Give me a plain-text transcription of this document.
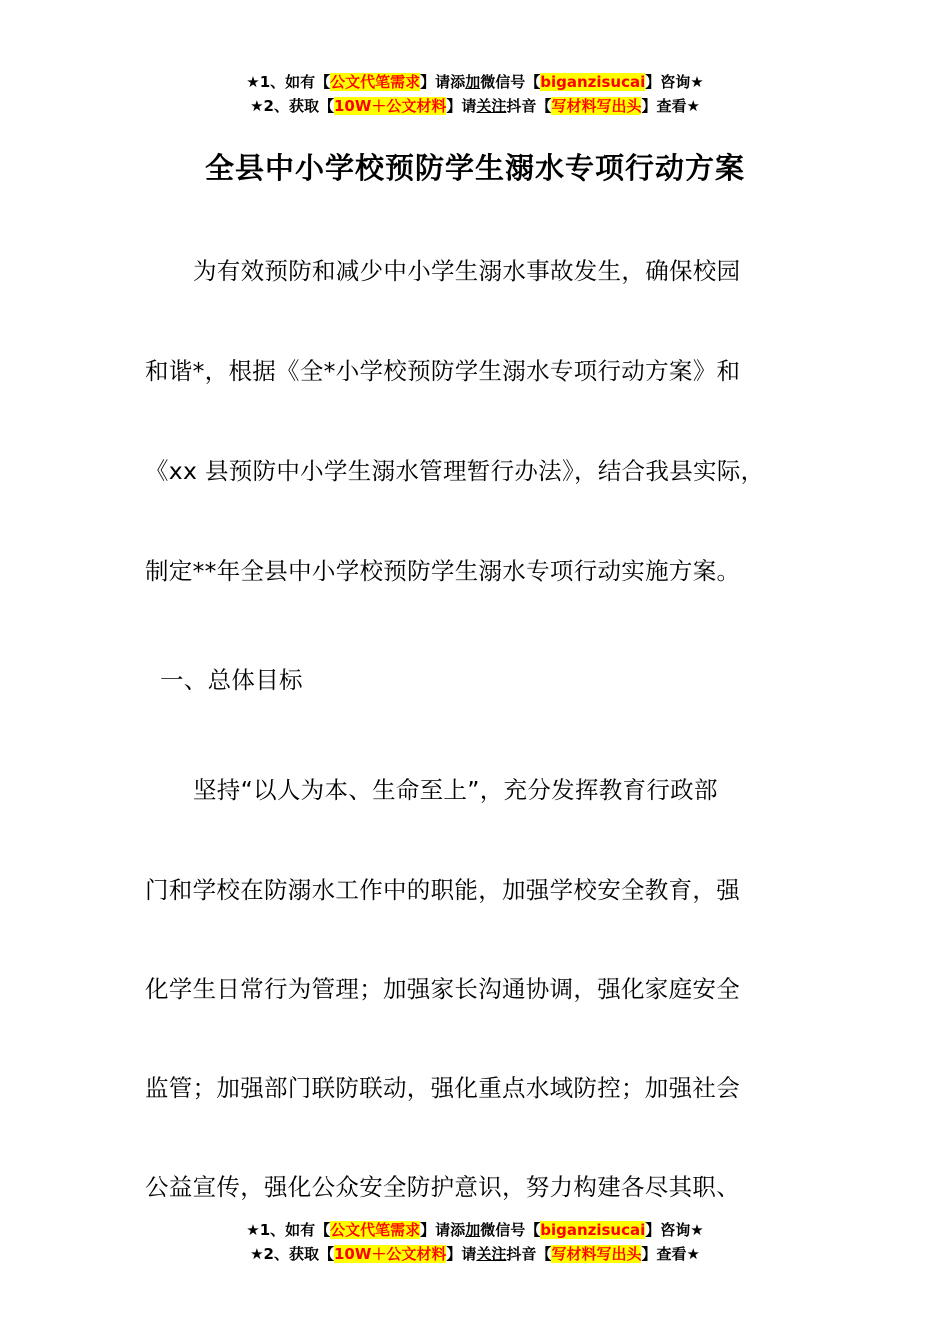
★1、如有【公文代笔需求】请添加微信号【biganzisucai】咨询★
★2、获取【10W＋公文材料】请关注抖音【写材料写出头】查看★
全县中小学校预防学生溺水专项行动方案
为有效预防和减少中小学生溺水事故发生，确保校园
和谐*，根据《全*小学校预防学生溺水专项行动方案》和
《xx 县预防中小学生溺水管理暂行办法》，结合我县实际，
制定**年全县中小学校预防学生溺水专项行动实施方案。
一、总体目标
坚持“以人为本、生命至上”，充分发挥教育行政部
门和学校在防溺水工作中的职能，加强学校安全教育，强
化学生日常行为管理；加强家长沟通协调，强化家庭安全
监管；加强部门联防联动，强化重点水域防控；加强社会
公益宣传，强化公众安全防护意识，努力构建各尽其职、
★1、如有【公文代笔需求】请添加微信号【biganzisucai】咨询★
★2、获取【10W＋公文材料】请关注抖音【写材料写出头】查看★
